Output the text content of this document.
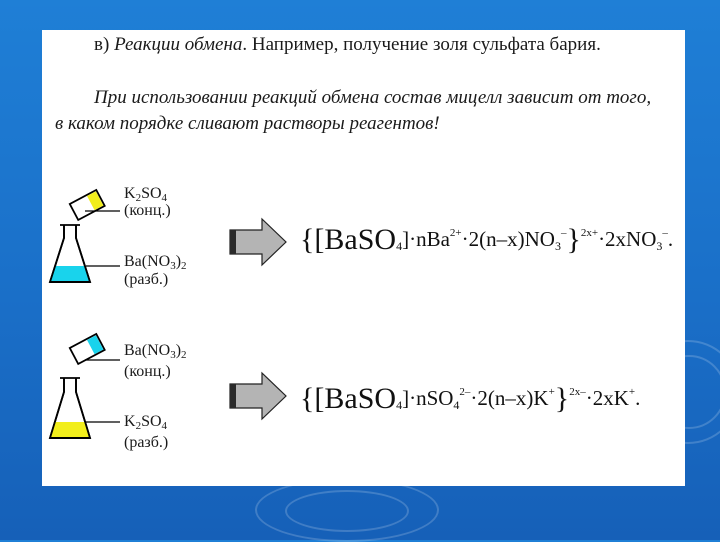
в) Реакции обмена. Например, получение золя сульфата бария.
При использовании реакций обмена состав мицелл зависит от того,
в каком порядке сливают растворы реагентов!
$K_2SO_4$
(конц.)
$Ba(NO_3)_2$
(разб.)
$\{[BaSO_4]\cdot nBa^{2+}\cdot 2(n-x)NO_3^-\}^{2x+}\cdot 2xNO_3^-$.
$Ba(NO_3)_2$
(конц.)
$K_2SO_4$
(разб.)
{[BaSO$_4$]·nSO$_4^{2-}$·2(n–x)K+}$^{2x-}$·2xK+.
